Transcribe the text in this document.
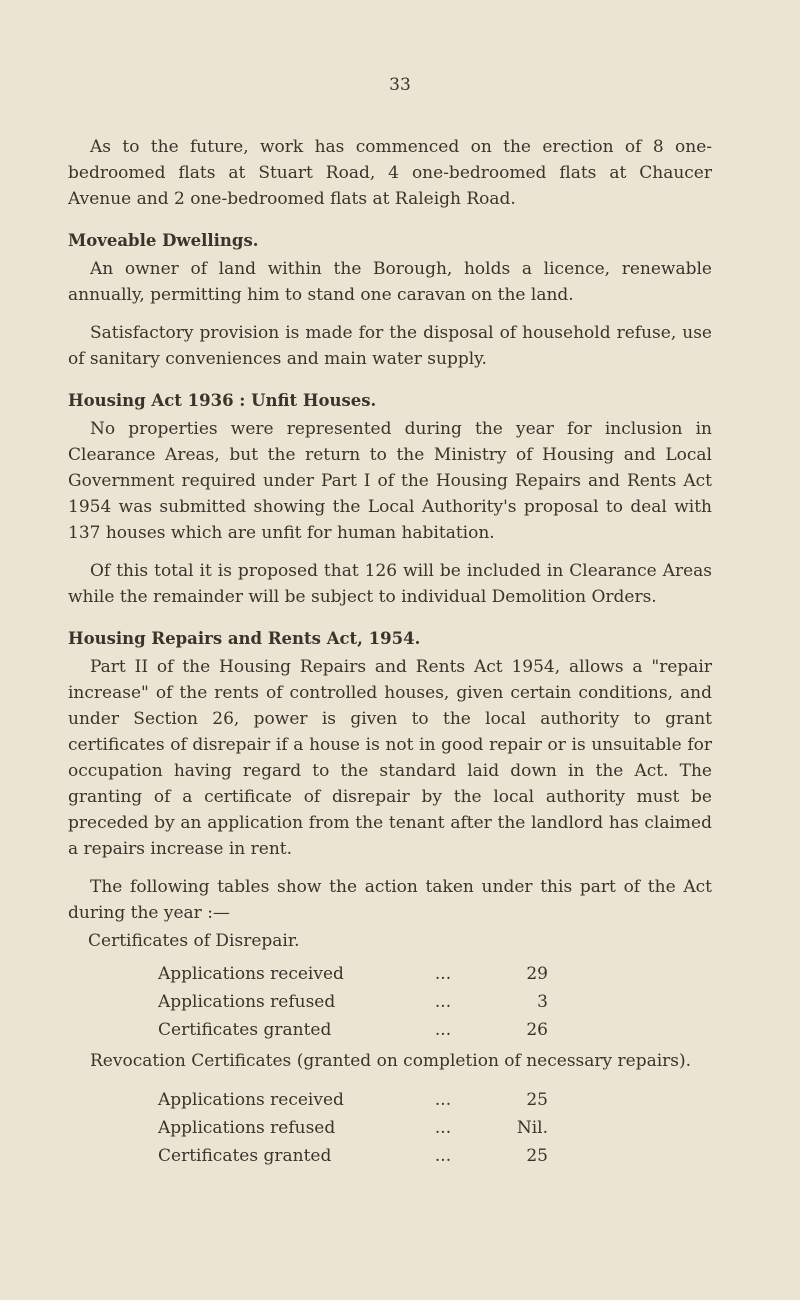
33

As to the future, work has commenced on the erection of 8 one-bedroomed flats at Stuart Road, 4 one-bedroomed flats at Chaucer Avenue and 2 one-bedroomed flats at Raleigh Road.

Moveable Dwellings.

An owner of land within the Borough, holds a licence, renewable annually, permitting him to stand one caravan on the land.

Satisfactory provision is made for the disposal of household refuse, use of sanitary conveniences and main water supply.

Housing Act 1936 : Unfit Houses.

No properties were represented during the year for inclusion in Clearance Areas, but the return to the Ministry of Housing and Local Government required under Part I of the Housing Repairs and Rents Act 1954 was submitted showing the Local Authority's proposal to deal with 137 houses which are unfit for human habitation.

Of this total it is proposed that 126 will be included in Clearance Areas while the remainder will be subject to individual Demolition Orders.

Housing Repairs and Rents Act, 1954.

Part II of the Housing Repairs and Rents Act 1954, allows a "repair increase" of the rents of controlled houses, given certain conditions, and under Section 26, power is given to the local authority to grant certificates of disrepair if a house is not in good repair or is unsuitable for occupation having regard to the standard laid down in the Act. The granting of a certificate of disrepair by the local authority must be preceded by an application from the tenant after the landlord has claimed a repairs increase in rent.

The following tables show the action taken under this part of the Act during the year :—

Certificates of Disrepair.
Applications received	...	29
Applications refused	...	3
Certificates granted	...	26

Revocation Certificates (granted on completion of necessary repairs).

Applications received	...	25
Applications refused	...	Nil.
Certificates granted	...	25
